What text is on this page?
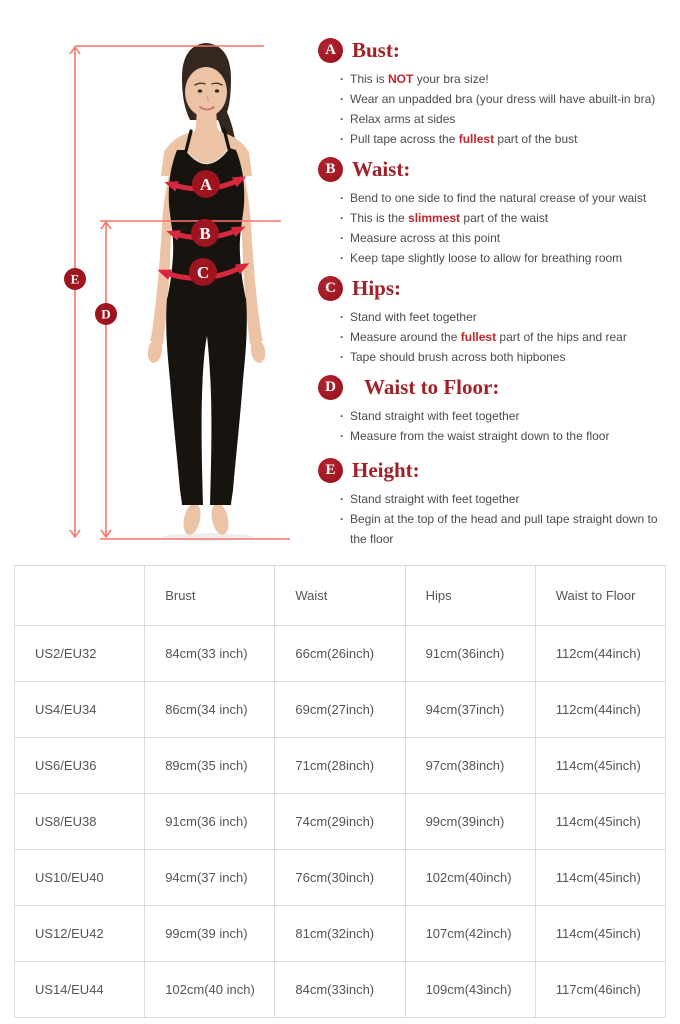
A
B
C
D
E
A Bust:
· This is NOT your bra size!
· Wear an unpadded bra (your dress will have abuilt-in bra)
· Relax arms at sides
· Pull tape across the fullest part of the bust
B Waist:
· Bend to one side to find the natural crease of your waist
· This is the slimmest part of the waist
· Measure across at this point
· Keep tape slightly loose to allow for breathing room
C Hips:
· Stand with feet together
· Measure around the fullest part of the hips and rear
· Tape should brush across both hipbones
D Waist to Floor:
· Stand straight with feet together
· Measure from the waist straight down to the floor
E Height:
· Stand straight with feet together
· Begin at the top of the head and pull tape straight down to the floor
	Brust	Waist	Hips	Waist to Floor
US2/EU32	84cm(33 inch)	66cm(26inch)	91cm(36inch)	112cm(44inch)
US4/EU34	86cm(34 inch)	69cm(27inch)	94cm(37inch)	112cm(44inch)
US6/EU36	89cm(35 inch)	71cm(28inch)	97cm(38inch)	114cm(45inch)
US8/EU38	91cm(36 inch)	74cm(29inch)	99cm(39inch)	114cm(45inch)
US10/EU40	94cm(37 inch)	76cm(30inch)	102cm(40inch)	114cm(45inch)
US12/EU42	99cm(39 inch)	81cm(32inch)	107cm(42inch)	114cm(45inch)
US14/EU44	102cm(40 inch)	84cm(33inch)	109cm(43inch)	117cm(46inch)
